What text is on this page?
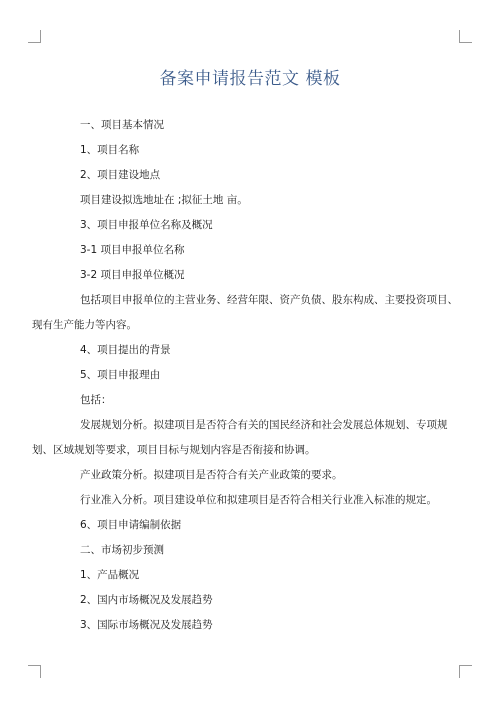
备案申请报告范文 模板
一、项目基本情况
1、项目名称
2、项目建设地点
项目建设拟选地址在 ;拟征土地 亩。
3、项目申报单位名称及概况
3-1 项目申报单位名称
3-2 项目申报单位概况
包括项目申报单位的主营业务、经营年限、资产负债、股东构成、主要投资项目、
现有生产能力等内容。
4、项目提出的背景
5、项目申报理由
包括：
发展规划分析。拟建项目是否符合有关的国民经济和社会发展总体规划、专项规
划、区域规划等要求，项目目标与规划内容是否衔接和协调。
产业政策分析。拟建项目是否符合有关产业政策的要求。
行业准入分析。项目建设单位和拟建项目是否符合相关行业准入标准的规定。
6、项目申请编制依据
二、市场初步预测
1、产品概况
2、国内市场概况及发展趋势
3、国际市场概况及发展趋势
